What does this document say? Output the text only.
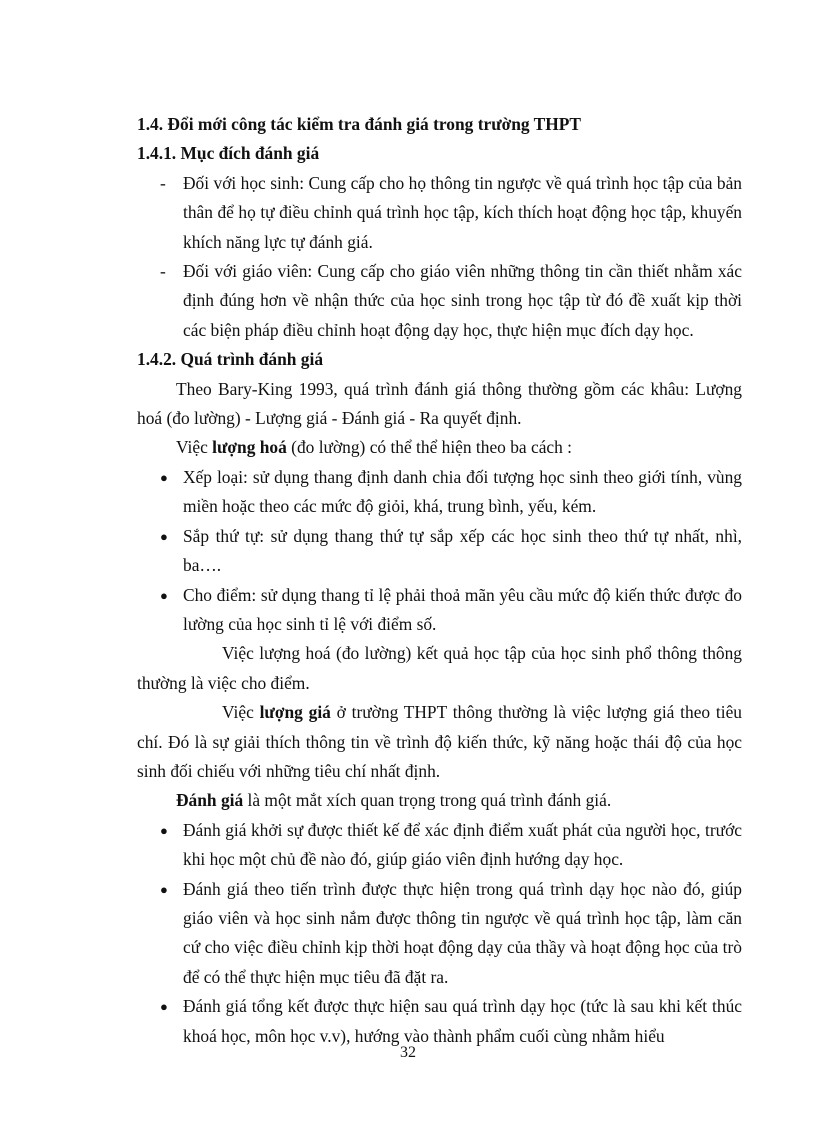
1.4. Đổi mới công tác kiểm tra đánh giá trong trường THPT

1.4.1. Mục đích đánh giá

- Đối với học sinh: Cung cấp cho họ thông tin ngược về quá trình học tập của bản thân để họ tự điều chỉnh quá trình học tập, kích thích hoạt động học tập, khuyến khích năng lực tự đánh giá.
- Đối với giáo viên: Cung cấp cho giáo viên những thông tin cần thiết nhằm xác định đúng hơn về nhận thức của học sinh trong học tập từ đó đề xuất kịp thời các biện pháp điều chỉnh hoạt động dạy học, thực hiện mục đích dạy học.

1.4.2. Quá trình đánh giá

Theo Bary-King 1993, quá trình đánh giá thông thường gồm các khâu: Lượng hoá (đo lường) - Lượng giá - Đánh giá - Ra quyết định.

Việc lượng hoá (đo lường) có thể thể hiện theo ba cách :

● Xếp loại: sử dụng thang định danh chia đối tượng học sinh theo giới tính, vùng miền hoặc theo các mức độ giỏi, khá, trung bình, yếu, kém.
● Sắp thứ tự: sử dụng thang thứ tự sắp xếp các học sinh theo thứ tự nhất, nhì, ba….
● Cho điểm: sử dụng thang tỉ lệ phải thoả mãn yêu cầu mức độ kiến thức được đo lường của học sinh tỉ lệ với điểm số.

Việc lượng hoá (đo lường) kết quả học tập của học sinh phổ thông thông thường là việc cho điểm.

Việc lượng giá ở trường THPT thông thường là việc lượng giá theo tiêu chí. Đó là sự giải thích thông tin về trình độ kiến thức, kỹ năng hoặc thái độ của học sinh đối chiếu với những tiêu chí nhất định.

Đánh giá là một mắt xích quan trọng trong quá trình đánh giá.

● Đánh giá khởi sự được thiết kế để xác định điểm xuất phát của người học, trước khi học một chủ đề nào đó, giúp giáo viên định hướng dạy học.
● Đánh giá theo tiến trình được thực hiện trong quá trình dạy học nào đó, giúp giáo viên và học sinh nắm được thông tin ngược về quá trình học tập, làm căn cứ cho việc điều chỉnh kịp thời hoạt động dạy của thầy và hoạt động học của trò để có thể thực hiện mục tiêu đã đặt ra.
● Đánh giá tổng kết được thực hiện sau quá trình dạy học (tức là sau khi kết thúc khoá học, môn học v.v), hướng vào thành phẩm cuối cùng nhằm hiểu
32
